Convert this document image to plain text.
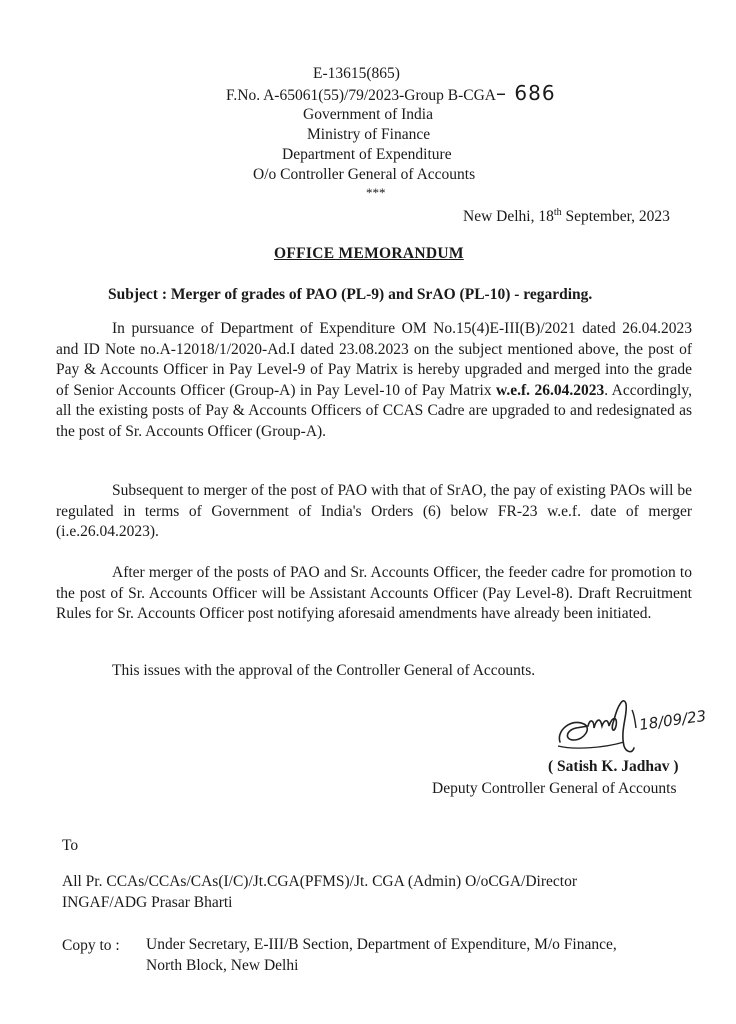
E-13615(865)
F.No. A-65061(55)/79/2023-Group B-CGA– 686
Government of India
Ministry of Finance
Department of Expenditure
O/o Controller General of Accounts
***
New Delhi, 18th September, 2023
OFFICE MEMORANDUM
Subject : Merger of grades of PAO (PL-9) and SrAO (PL-10) - regarding.
In pursuance of Department of Expenditure OM No.15(4)E-III(B)/2021 dated 26.04.2023 and ID Note no.A-12018/1/2020-Ad.I dated 23.08.2023 on the subject mentioned above, the post of Pay & Accounts Officer in Pay Level-9 of Pay Matrix is hereby upgraded and merged into the grade of Senior Accounts Officer (Group-A) in Pay Level-10 of Pay Matrix w.e.f. 26.04.2023. Accordingly, all the existing posts of Pay & Accounts Officers of CCAS Cadre are upgraded to and redesignated as the post of Sr. Accounts Officer (Group-A).
Subsequent to merger of the post of PAO with that of SrAO, the pay of existing PAOs will be regulated in terms of Government of India's Orders (6) below FR-23 w.e.f. date of merger (i.e.26.04.2023).
After merger of the posts of PAO and Sr. Accounts Officer, the feeder cadre for promotion to the post of Sr. Accounts Officer will be Assistant Accounts Officer (Pay Level-8). Draft Recruitment Rules for Sr. Accounts Officer post notifying aforesaid amendments have already been initiated.
This issues with the approval of the Controller General of Accounts.
18/09/23
( Satish K. Jadhav )
Deputy Controller General of Accounts
To
All Pr. CCAs/CCAs/CAs(I/C)/Jt.CGA(PFMS)/Jt. CGA (Admin) O/oCGA/Director
INGAF/ADG Prasar Bharti
Copy to : Under Secretary, E-III/B Section, Department of Expenditure, M/o Finance,
North Block, New Delhi
